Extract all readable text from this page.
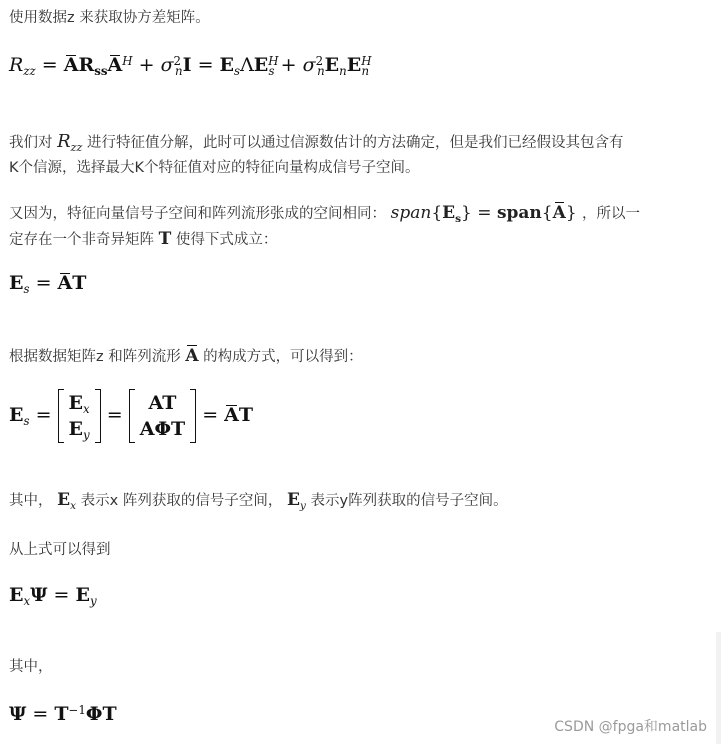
使用数据z 来获取协方差矩阵。
$R_{zz} = AR_{ss}A^H + \sigma^2_nI = E_s\Lambda E^H_s + \sigma^2_nE_nE^H_n$
我们对 $R_{zz}$ 进行特征值分解，此时可以通过信源数估计的方法确定，但是我们已经假设其包含有
K个信源，选择最大K个特征值对应的特征向量构成信号子空间。
又因为，特征向量信号子空间和阵列流形张成的空间相同： $span\{E_s\}$ = span{A} ，所以一
定存在一个非奇异矩阵 T 使得下式成立：
$E_s$ = AT
根据数据矩阵z 和阵列流形 A 的构成方式，可以得到：
$E_s$ =
$E_x$
$E_y$
=
AT
AΦT
= AT
其中， $E_x$ 表示x 阵列获取的信号子空间， $E_y$ 表示y阵列获取的信号子空间。
从上式可以得到
$E_x\Psi = E_y$
其中，
$\Psi = T^{-1}\Phi T$
CSDN @fpga和matlab
